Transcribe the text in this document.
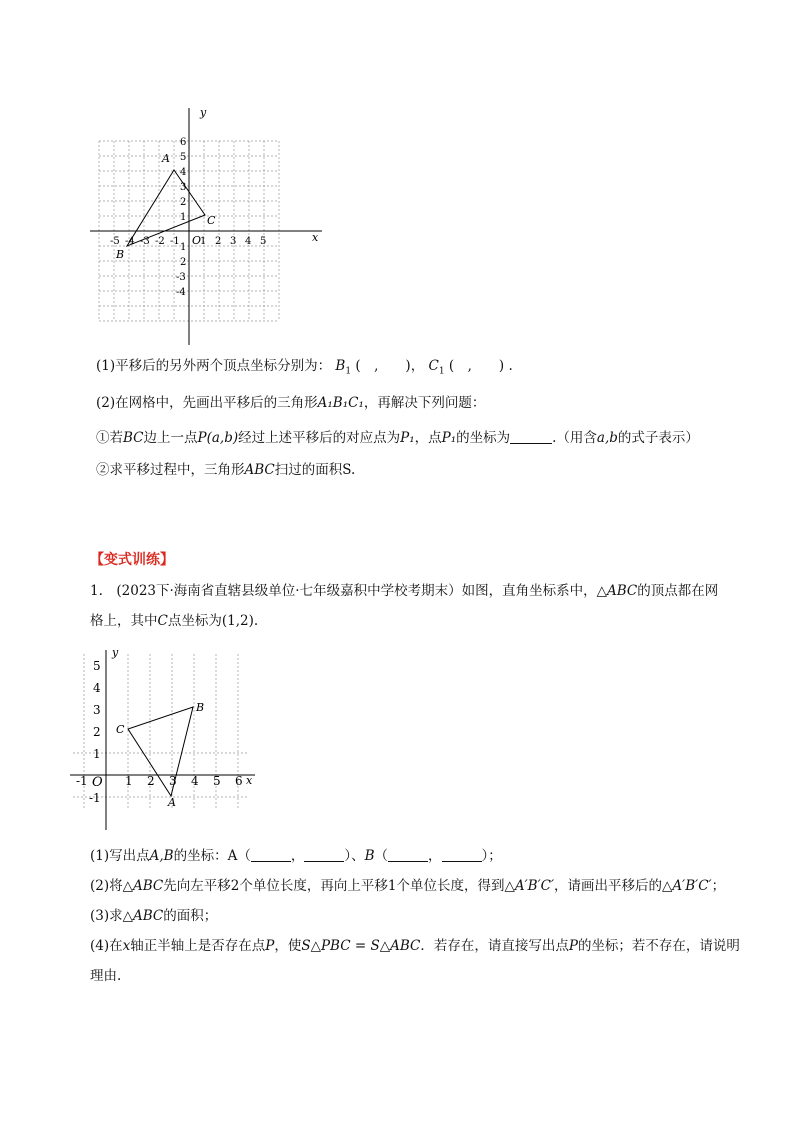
x
y
O
A
B
C
-5 -4 -3 -2 -1 1 2 3 4 5
6
5
4
3
2
1
1
2
-3
-4
(1)平移后的另外两个顶点坐标分别为： $B_1$ (　,　　)， $C_1$ (　,　　) .
(2)在网格中，先画出平移后的三角形A₁B₁C₁，再解决下列问题：
①若BC边上一点P(a,b)经过上述平移后的对应点为P₁，点P₁的坐标为	.（用含a,b的式子表示）
②求平移过程中，三角形ABC扫过的面积S.
【变式训练】
1.　(2023下·海南省直辖县级单位·七年级嘉积中学校考期末）如图，直角坐标系中，△ABC的顶点都在网
格上，其中C点坐标为(1,2).
x
y
O
A
B
C
-1	1 2 3 4 5 6
5
4
3
2
1
-1
(1)写出点A,B的坐标：A（	，	）、B（	，	）；
(2)将△ABC先向左平移2个单位长度，再向上平移1个单位长度，得到△A′B′C′，请画出平移后的△A′B′C′；
(3)求△ABC的面积；
(4)在x轴正半轴上是否存在点P，使S△PBC = S△ABC．若存在，请直接写出点P的坐标；若不存在，请说明
理由.
